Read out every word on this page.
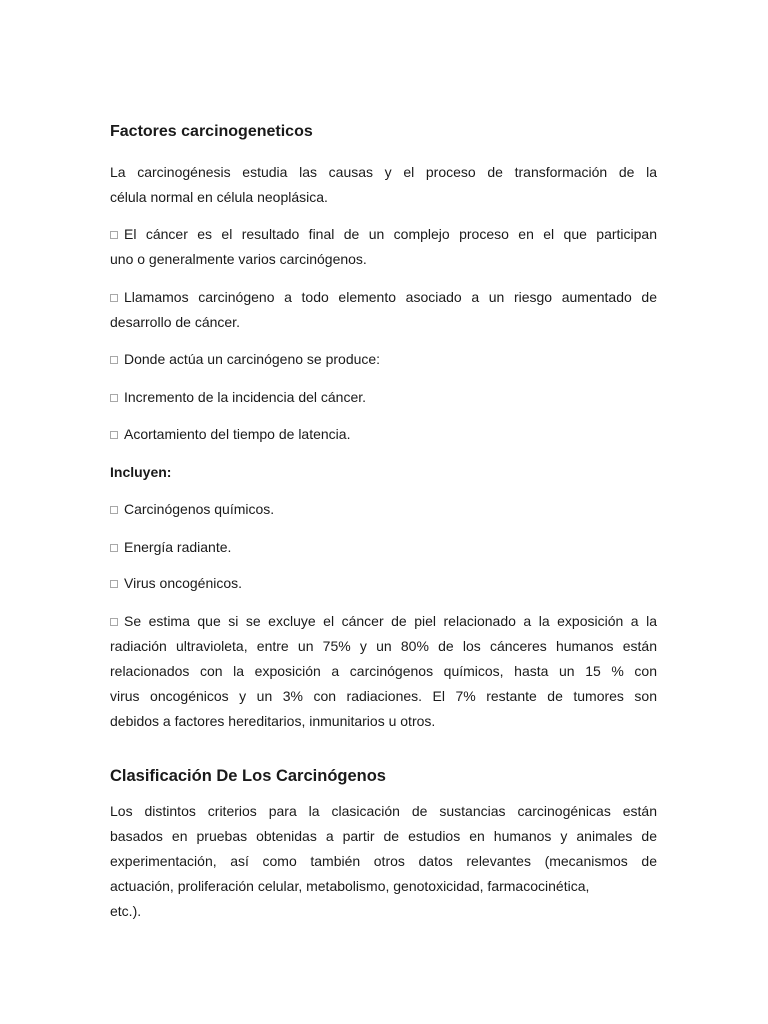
Factores carcinogeneticos
La carcinogénesis estudia las causas y el proceso de transformación de la
célula normal en célula neoplásica.
El cáncer es el resultado final de un complejo proceso en el que participan
uno o generalmente varios carcinógenos.
Llamamos carcinógeno a todo elemento asociado a un riesgo aumentado de
desarrollo de cáncer.
Donde actúa un carcinógeno se produce:
Incremento de la incidencia del cáncer.
Acortamiento del tiempo de latencia.
Incluyen:
Carcinógenos químicos.
Energía radiante.
Virus oncogénicos.
Se estima que si se excluye el cáncer de piel relacionado a la exposición a la
radiación ultravioleta, entre un 75% y un 80% de los cánceres humanos están
relacionados con la exposición a carcinógenos químicos, hasta un 15 % con
virus oncogénicos y un 3% con radiaciones. El 7% restante de tumores son
debidos a factores hereditarios, inmunitarios u otros.
Clasificación De Los Carcinógenos
Los distintos criterios para la clasicación de sustancias carcinogénicas están
basados en pruebas obtenidas a partir de estudios en humanos y animales de
experimentación, así como también otros datos relevantes (mecanismos de
actuación, proliferación celular, metabolismo, genotoxicidad, farmacocinética,
etc.).
